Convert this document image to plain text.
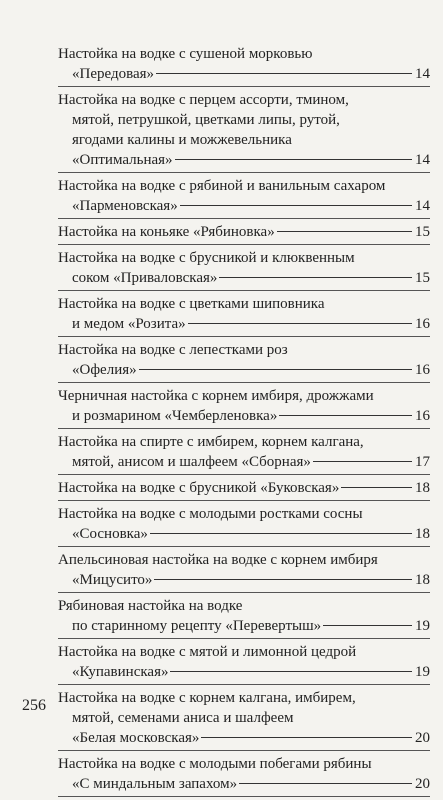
Настойка на водке с сушеной морковью
«Передовая»	14
Настойка на водке с перцем ассорти, тмином,
мятой, петрушкой, цветками липы, рутой,
ягодами калины и можжевельника
«Оптимальная»	14
Настойка на водке с рябиной и ванильным сахаром
«Парменовская»	14
Настойка на коньяке «Рябиновка»	15
Настойка на водке с брусникой и клюквенным
соком «Приваловская»	15
Настойка на водке с цветками шиповника
и медом «Розита»	16
Настойка на водке с лепестками роз
«Офелия»	16
Черничная настойка с корнем имбиря, дрожжами
и розмарином «Чемберленовка»	16
Настойка на спирте с имбирем, корнем калгана,
мятой, анисом и шалфеем «Сборная»	17
Настойка на водке с брусникой «Буковская»	18
Настойка на водке с молодыми ростками сосны
«Сосновка»	18
Апельсиновая настойка на водке с корнем имбиря
«Мицусито»	18
Рябиновая настойка на водке
по старинному рецепту «Перевертыш»	19
Настойка на водке с мятой и лимонной цедрой
«Купавинская»	19
Настойка на водке с корнем калгана, имбирем,
мятой, семенами аниса и шалфеем
«Белая московская»	20
Настойка на водке с молодыми побегами рябины
«С миндальным запахом»	20
256
